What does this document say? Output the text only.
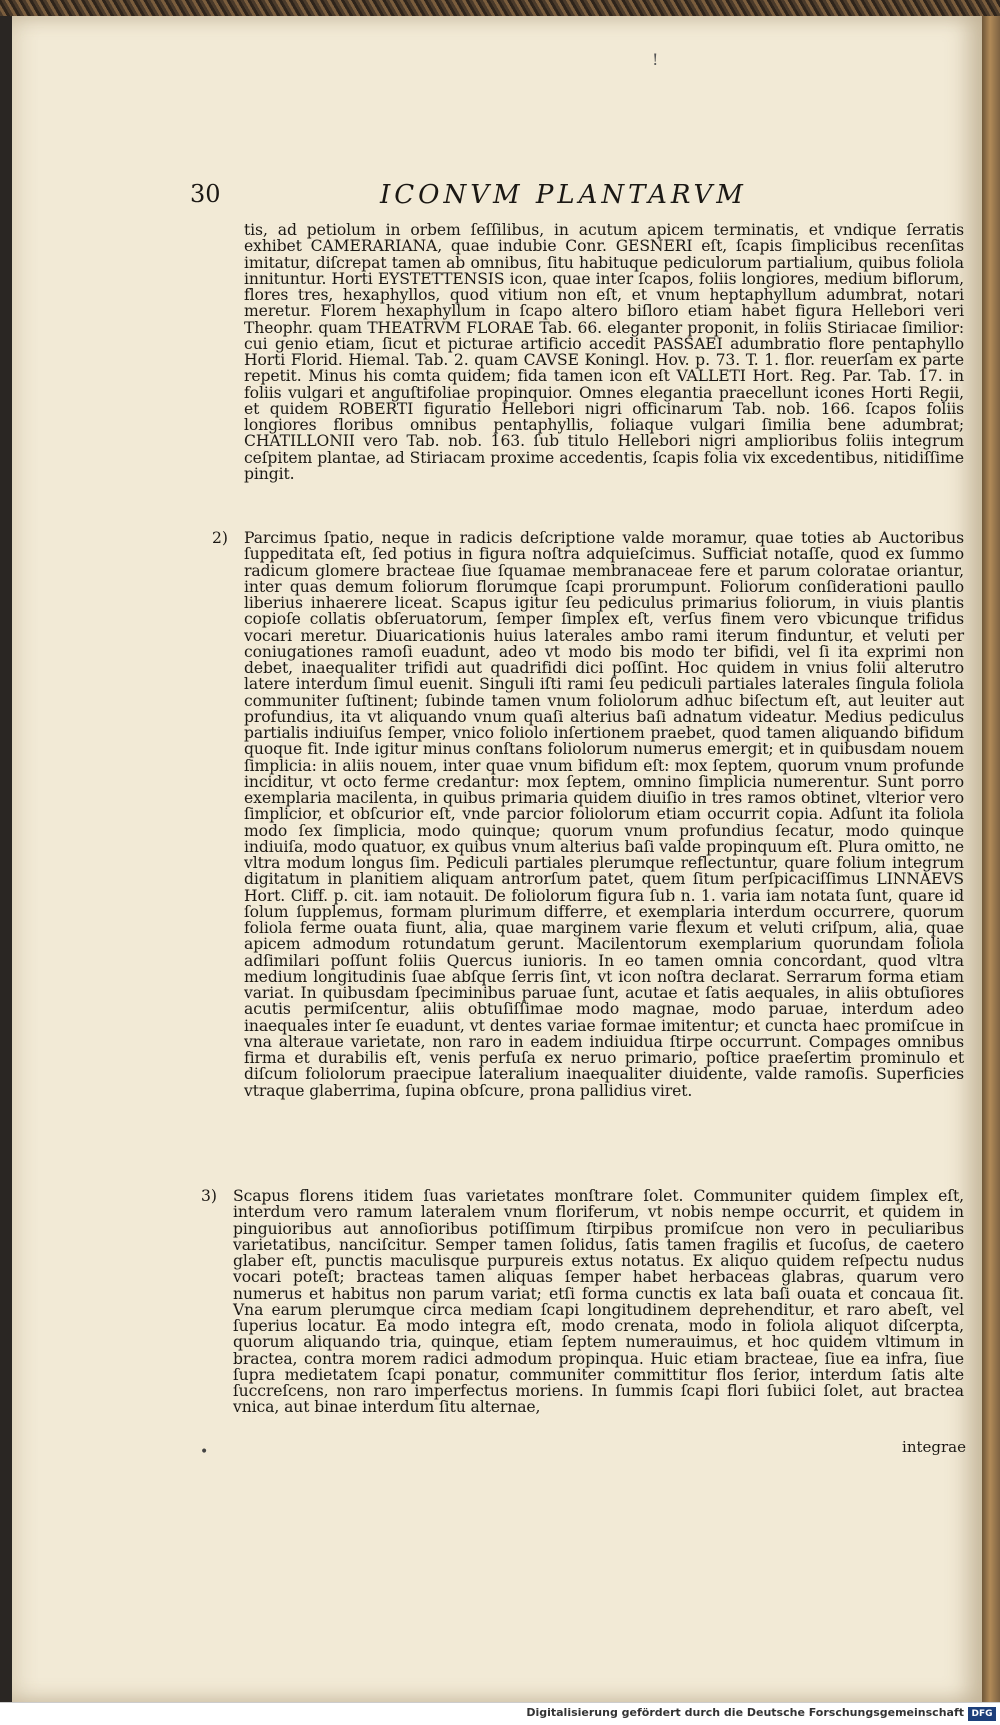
!
30	ICONVM PLANTARVM
tis, ad petiolum in orbem ſeſſilibus, in acutum apicem terminatis, et vndique ſerratis exhibet CAMERARIANA, quae indubie Conr. GESNERI eſt, ſcapis ſimplicibus recenſitas imitatur, diſcrepat tamen ab omnibus, ſitu habituque pediculorum partialium, quibus foliola innituntur. Horti EYSTETTENSIS icon, quae inter ſcapos, foliis longiores, medium biflorum, flores tres, hexaphyllos, quod vitium non eſt, et vnum heptaphyllum adumbrat, notari meretur. Florem hexaphyllum in ſcapo altero biſloro etiam habet figura Hellebori veri Theophr. quam THEATRVM FLORAE Tab. 66. eleganter proponit, in foliis Stiriacae ſimilior: cui genio etiam, ſicut et picturae artificio accedit PASSAEI adumbratio flore pentaphyllo Horti Florid. Hiemal. Tab. 2. quam CAVSE Koningl. Hov. p. 73. T. 1. flor. reuerſam ex parte repetit. Minus his comta quidem; fida tamen icon eſt VALLETI Hort. Reg. Par. Tab. 17. in foliis vulgari et anguſtifoliae propinquior. Omnes elegantia praecellunt icones Horti Regii, et quidem ROBERTI figuratio Hellebori nigri officinarum Tab. nob. 166. ſcapos foliis longiores floribus omnibus pentaphyllis, foliaque vulgari ſimilia bene adumbrat; CHATILLONII vero Tab. nob. 163. ſub titulo Hellebori nigri amplioribus foliis integrum ceſpitem plantae, ad Stiriacam proxime accedentis, ſcapis folia vix excedentibus, nitidiſſime pingit.
2) Parcimus ſpatio, neque in radicis deſcriptione valde moramur, quae toties ab Auctoribus ſuppeditata eſt, ſed potius in figura noſtra adquieſcimus. Sufficiat notaſſe, quod ex ſummo radicum glomere bracteae ſiue ſquamae membranaceae fere et parum coloratae oriantur, inter quas demum foliorum florumque ſcapi prorumpunt. Foliorum conſiderationi paullo liberius inhaerere liceat. Scapus igitur ſeu pediculus primarius foliorum, in viuis plantis copioſe collatis obſeruatorum, ſemper ſimplex eſt, verſus finem vero vbicunque trifidus vocari meretur. Diuaricationis huius laterales ambo rami iterum finduntur, et veluti per coniugationes ramoſi euadunt, adeo vt modo bis modo ter bifidi, vel ſi ita exprimi non debet, inaequaliter trifidi aut quadrifidi dici poſſint. Hoc quidem in vnius folii alterutro latere interdum ſimul euenit. Singuli iſti rami ſeu pediculi partiales laterales ſingula foliola communiter ſuſtinent; ſubinde tamen vnum foliolorum adhuc biſectum eſt, aut leuiter aut profundius, ita vt aliquando vnum quaſi alterius baſi adnatum videatur. Medius pediculus partialis indiuiſus ſemper, vnico foliolo inſertionem praebet, quod tamen aliquando bifidum quoque fit. Inde igitur minus conſtans foliolorum numerus emergit; et in quibusdam nouem ſimplicia: in aliis nouem, inter quae vnum bifidum eſt: mox ſeptem, quorum vnum profunde inciditur, vt octo ferme credantur: mox ſeptem, omnino ſimplicia numerentur. Sunt porro exemplaria macilenta, in quibus primaria quidem diuiſio in tres ramos obtinet, vlterior vero ſimplicior, et obſcurior eſt, vnde parcior foliolorum etiam occurrit copia. Adſunt ita foliola modo ſex ſimplicia, modo quinque; quorum vnum profundius ſecatur, modo quinque indiuiſa, modo quatuor, ex quibus vnum alterius baſi valde propinquum eſt. Plura omitto, ne vltra modum longus ſim. Pediculi partiales plerumque reflectuntur, quare folium integrum digitatum in planitiem aliquam antrorſum patet, quem ſitum perſpicaciſſimus LINNAEVS Hort. Cliff. p. cit. iam notauit. De foliolorum figura ſub n. 1. varia iam notata ſunt, quare id ſolum ſupplemus, formam plurimum differre, et exemplaria interdum occurrere, quorum foliola ferme ouata fiunt, alia, quae marginem varie flexum et veluti criſpum, alia, quae apicem admodum rotundatum gerunt. Macilentorum exemplarium quorundam foliola adſimilari poſſunt foliis Quercus iunioris. In eo tamen omnia concordant, quod vltra medium longitudinis ſuae abſque ſerris ſint, vt icon noſtra declarat. Serrarum forma etiam variat. In quibusdam ſpeciminibus paruae ſunt, acutae et ſatis aequales, in aliis obtuſiores acutis permiſcentur, aliis obtuſiſſimae modo magnae, modo paruae, interdum adeo inaequales inter ſe euadunt, vt dentes variae formae imitentur; et cuncta haec promiſcue in vna alteraue varietate, non raro in eadem indiuidua ſtirpe occurrunt. Compages omnibus firma et durabilis eſt, venis perfuſa ex neruo primario, poſtice praeſertim prominulo et diſcum foliolorum praecipue lateralium inaequaliter diuidente, valde ramoſis. Superficies vtraque glaberrima, ſupina obſcure, prona pallidius viret.
3) Scapus florens itidem ſuas varietates monſtrare ſolet. Communiter quidem ſimplex eſt, interdum vero ramum lateralem vnum floriferum, vt nobis nempe occurrit, et quidem in pinguioribus aut annoſioribus potiſſimum ſtirpibus promiſcue non vero in peculiaribus varietatibus, nanciſcitur. Semper tamen ſolidus, ſatis tamen fragilis et ſucoſus, de caetero glaber eſt, punctis maculisque purpureis extus notatus. Ex aliquo quidem reſpectu nudus vocari poteſt; bracteas tamen aliquas ſemper habet herbaceas glabras, quarum vero numerus et habitus non parum variat; etſi forma cunctis ex lata baſi ouata et concaua ſit. Vna earum plerumque circa mediam ſcapi longitudinem deprehenditur, et raro abeſt, vel ſuperius locatur. Ea modo integra eſt, modo crenata, modo in foliola aliquot diſcerpta, quorum aliquando tria, quinque, etiam ſeptem numerauimus, et hoc quidem vltimum in bractea, contra morem radici admodum propinqua. Huic etiam bracteae, ſiue ea infra, ſiue ſupra medietatem ſcapi ponatur, communiter committitur flos ſerior, interdum ſatis alte ſuccreſcens, non raro imperfectus moriens. In ſummis ſcapi flori ſubiici ſolet, aut bractea vnica, aut binae interdum ſitu alternae,
•	integrae
Digitalisierung gefördert durch die Deutsche Forschungsgemeinschaft DFG
